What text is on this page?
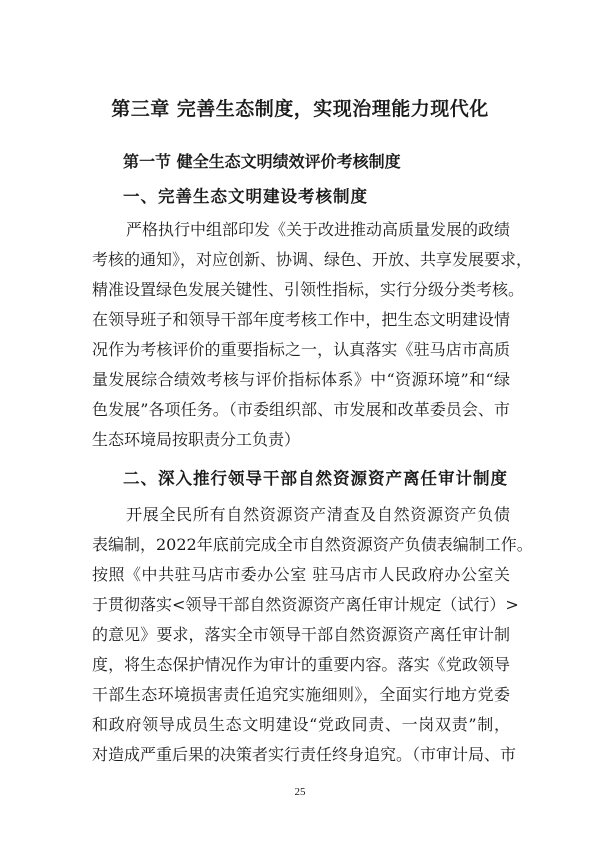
第三章 完善生态制度，实现治理能力现代化
第一节 健全生态文明绩效评价考核制度
一、完善生态文明建设考核制度
严格执行中组部印发《关于改进推动高质量发展的政绩
考核的通知》，对应创新、协调、绿色、开放、共享发展要求，
精准设置绿色发展关键性、引领性指标，实行分级分类考核。
在领导班子和领导干部年度考核工作中，把生态文明建设情
况作为考核评价的重要指标之一，认真落实《驻马店市高质
量发展综合绩效考核与评价指标体系》中“资源环境”和“绿
色发展”各项任务。（市委组织部、市发展和改革委员会、市
生态环境局按职责分工负责）
二、深入推行领导干部自然资源资产离任审计制度
开展全民所有自然资源资产清查及自然资源资产负债
表编制，2022年底前完成全市自然资源资产负债表编制工作。
按照《中共驻马店市委办公室 驻马店市人民政府办公室关
于贯彻落实<领导干部自然资源资产离任审计规定（试行）>
的意见》要求，落实全市领导干部自然资源资产离任审计制
度，将生态保护情况作为审计的重要内容。落实《党政领导
干部生态环境损害责任追究实施细则》，全面实行地方党委
和政府领导成员生态文明建设“党政同责、一岗双责”制，
对造成严重后果的决策者实行责任终身追究。（市审计局、市
25
